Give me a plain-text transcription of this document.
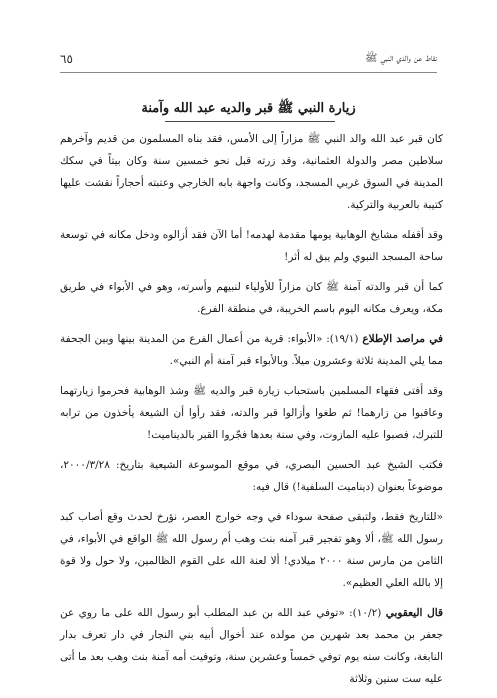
٦٥	نقاط عن والدي النبي ﷺ
زيارة النبي ﷺ قبر والديه عبد الله وآمنة

كان قبر عبد الله والد النبي ﷺ مزاراً إلى الأمس، فقد بناه المسلمون من قديم وآخرهم سلاطين مصر والدولة العثمانية، وقد زرته قبل نحو خمسين سنة وكان بيتاً في سكك المدينة في السوق غربي المسجد، وكانت واجهة بابه الخارجي وعتبته أحجاراً نقشت عليها كتيبة بالعربية والتركية.

وقد أقفله مشايخ الوهابية يومها مقدمة لهدمه! أما الآن فقد أزالوه ودخل مكانه في توسعة ساحة المسجد النبوي ولم يبق له أثر!

كما أن قبر والدته آمنة ﷺ كان مزاراً للأولياء لنبيهم وأسرته، وهو في الأبواء في طريق مكة، ويعرف مكانه اليوم باسم الخريبة، في منطقة الفرع.

في مراصد الإطلاع (١٩/١): «الأبواء: قرية من أعمال الفرع من المدينة بينها وبين الجحفة مما يلي المدينة ثلاثة وعشرون ميلاً. وبالأبواء قبر آمنة أم النبي».

وقد أفتى فقهاء المسلمين باستحباب زيارة قبر والديه ﷺ وشذ الوهابية فحرموا زيارتهما وعاقبوا من زارهما! ثم طغوا وأزالوا قبر والدته، فقد رأوا أن الشيعة يأخذون من ترابه للتبرك، فصبوا عليه المازوت، وفي سنة بعدها فجّروا القبر بالديناميت!

فكتب الشيخ عبد الحسين البصري، في موقع الموسوعة الشيعية بتاريخ: ٢٠٠٠/٣/٢٨، موضوعاً بعنوان (ديناميت السلفية!) قال فيه:

«للتاريخ فقط، ولتبقى صفحة سوداء في وجه خوارج العصر، نؤرخ لحدث وقع أصاب كبد رسول الله ﷺ، ألا وهو تفجير قبر آمنه بنت وهب أم رسول الله ﷺ الواقع في الأبواء، في الثامن من مارس سنة ٢٠٠٠ ميلادي! ألا لعنة الله على القوم الظالمين، ولا حول ولا قوة إلا بالله العلي العظيم».

قال اليعقوبي (١٠/٢): «توفي عبد الله بن عبد المطلب أبو رسول الله على ما روي عن جعفر بن محمد بعد شهرين من مولده عند أخوال أبيه بني النجار في دار تعرف بدار النابغة، وكانت سنه يوم توفي خمساً وعشرين سنة، وتوفيت أمه آمنة بنت وهب بعد ما أتى عليه ست سنين وثلاثة
